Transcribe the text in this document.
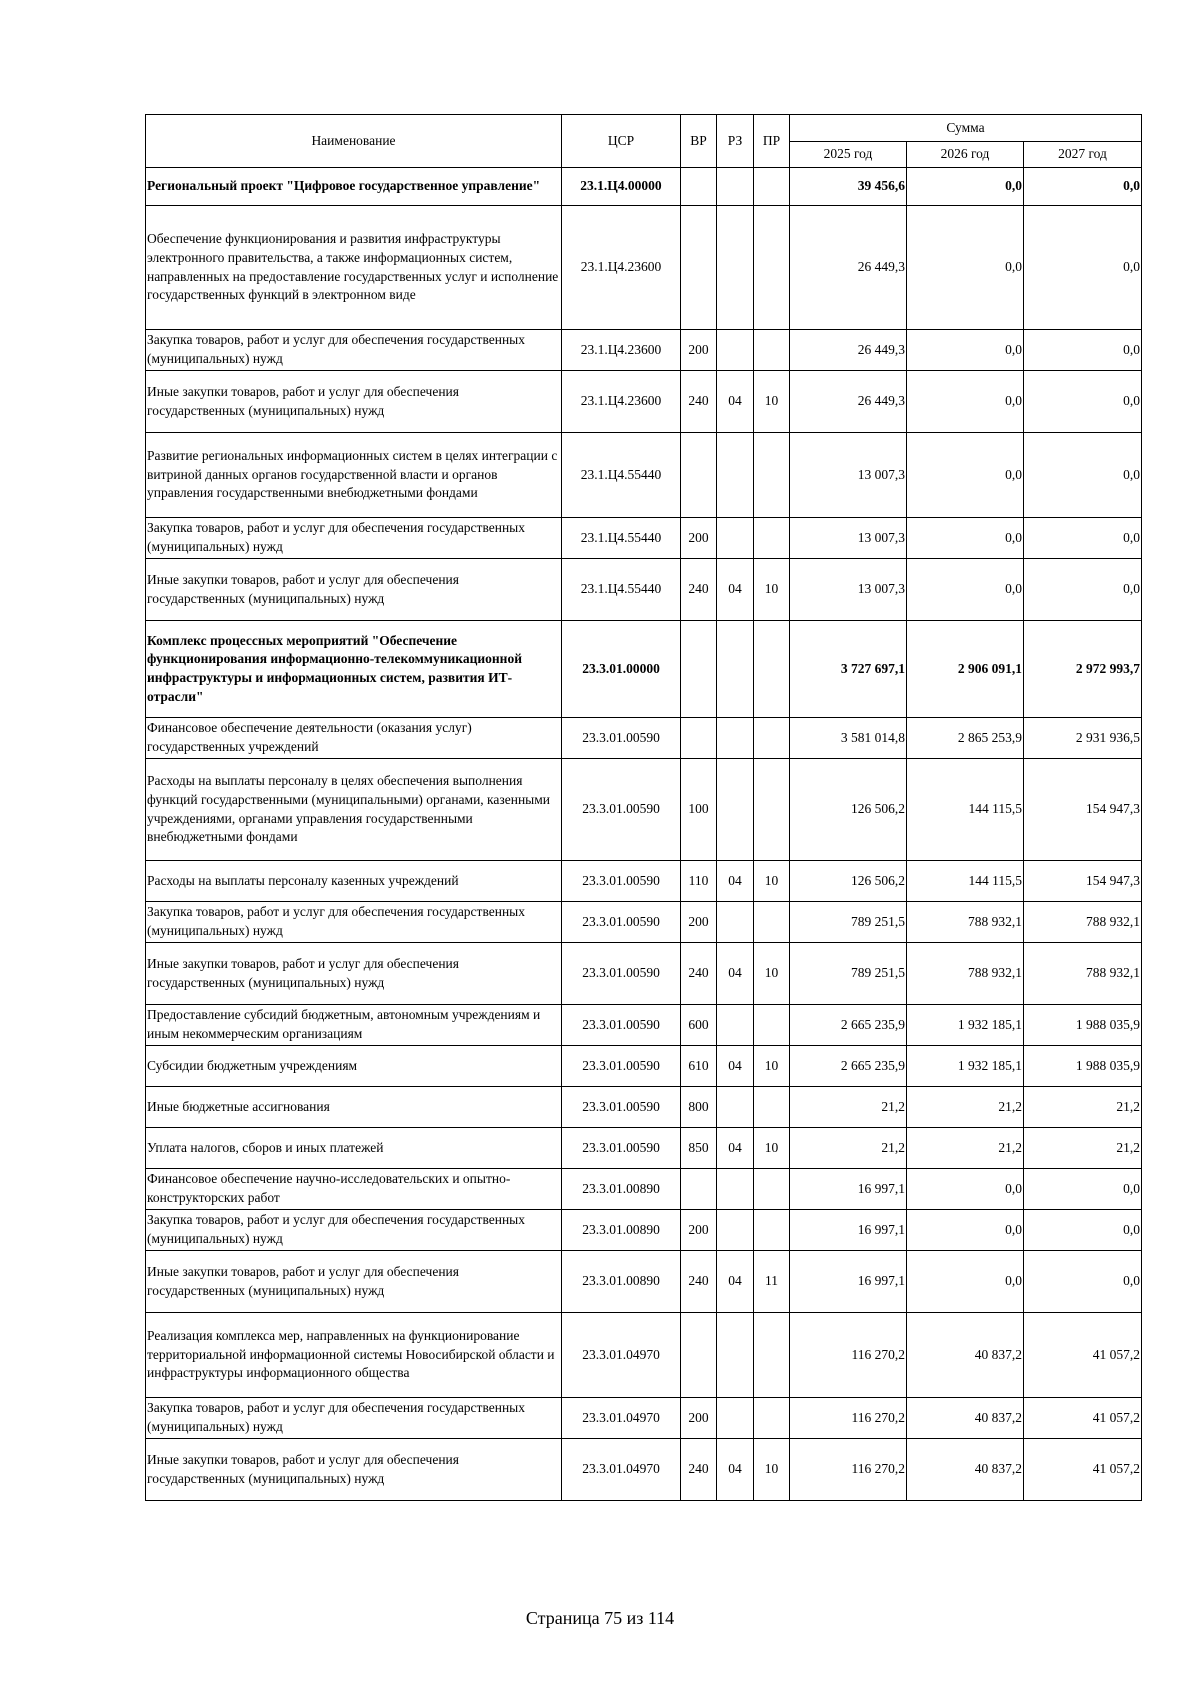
Наименование	ЦСР	ВР	РЗ	ПР	Сумма		
					2025 год	2026 год	2027 год
Региональный проект "Цифровое государственное управление"	23.1.Ц4.00000				39 456,6	0,0	0,0
Обеспечение функционирования и развития инфраструктуры электронного правительства, а также информационных систем, направленных на предоставление государственных услуг и исполнение государственных функций в электронном виде	23.1.Ц4.23600				26 449,3	0,0	0,0
Закупка товаров, работ и услуг для обеспечения государственных (муниципальных) нужд	23.1.Ц4.23600	200			26 449,3	0,0	0,0
Иные закупки товаров, работ и услуг для обеспечения государственных (муниципальных) нужд	23.1.Ц4.23600	240	04	10	26 449,3	0,0	0,0
Развитие региональных информационных систем в целях интеграции с витриной данных органов государственной власти и органов управления государственными внебюджетными фондами	23.1.Ц4.55440				13 007,3	0,0	0,0
Закупка товаров, работ и услуг для обеспечения государственных (муниципальных) нужд	23.1.Ц4.55440	200			13 007,3	0,0	0,0
Иные закупки товаров, работ и услуг для обеспечения государственных (муниципальных) нужд	23.1.Ц4.55440	240	04	10	13 007,3	0,0	0,0
Комплекс процессных мероприятий "Обеспечение функционирования информационно-телекоммуникационной инфраструктуры и информационных систем, развития ИТ-отрасли"	23.3.01.00000				3 727 697,1	2 906 091,1	2 972 993,7
Финансовое обеспечение деятельности (оказания услуг) государственных учреждений	23.3.01.00590				3 581 014,8	2 865 253,9	2 931 936,5
Расходы на выплаты персоналу в целях обеспечения выполнения функций государственными (муниципальными) органами, казенными учреждениями, органами управления государственными внебюджетными фондами	23.3.01.00590	100			126 506,2	144 115,5	154 947,3
Расходы на выплаты персоналу казенных учреждений	23.3.01.00590	110	04	10	126 506,2	144 115,5	154 947,3
Закупка товаров, работ и услуг для обеспечения государственных (муниципальных) нужд	23.3.01.00590	200			789 251,5	788 932,1	788 932,1
Иные закупки товаров, работ и услуг для обеспечения государственных (муниципальных) нужд	23.3.01.00590	240	04	10	789 251,5	788 932,1	788 932,1
Предоставление субсидий бюджетным, автономным учреждениям и иным некоммерческим организациям	23.3.01.00590	600			2 665 235,9	1 932 185,1	1 988 035,9
Субсидии бюджетным учреждениям	23.3.01.00590	610	04	10	2 665 235,9	1 932 185,1	1 988 035,9
Иные бюджетные ассигнования	23.3.01.00590	800			21,2	21,2	21,2
Уплата налогов, сборов и иных платежей	23.3.01.00590	850	04	10	21,2	21,2	21,2
Финансовое обеспечение научно-исследовательских и опытно-конструкторских работ	23.3.01.00890				16 997,1	0,0	0,0
Закупка товаров, работ и услуг для обеспечения государственных (муниципальных) нужд	23.3.01.00890	200			16 997,1	0,0	0,0
Иные закупки товаров, работ и услуг для обеспечения государственных (муниципальных) нужд	23.3.01.00890	240	04	11	16 997,1	0,0	0,0
Реализация комплекса мер, направленных на функционирование территориальной информационной системы Новосибирской области и инфраструктуры информационного общества	23.3.01.04970				116 270,2	40 837,2	41 057,2
Закупка товаров, работ и услуг для обеспечения государственных (муниципальных) нужд	23.3.01.04970	200			116 270,2	40 837,2	41 057,2
Иные закупки товаров, работ и услуг для обеспечения государственных (муниципальных) нужд	23.3.01.04970	240	04	10	116 270,2	40 837,2	41 057,2
Страница 75 из 114
